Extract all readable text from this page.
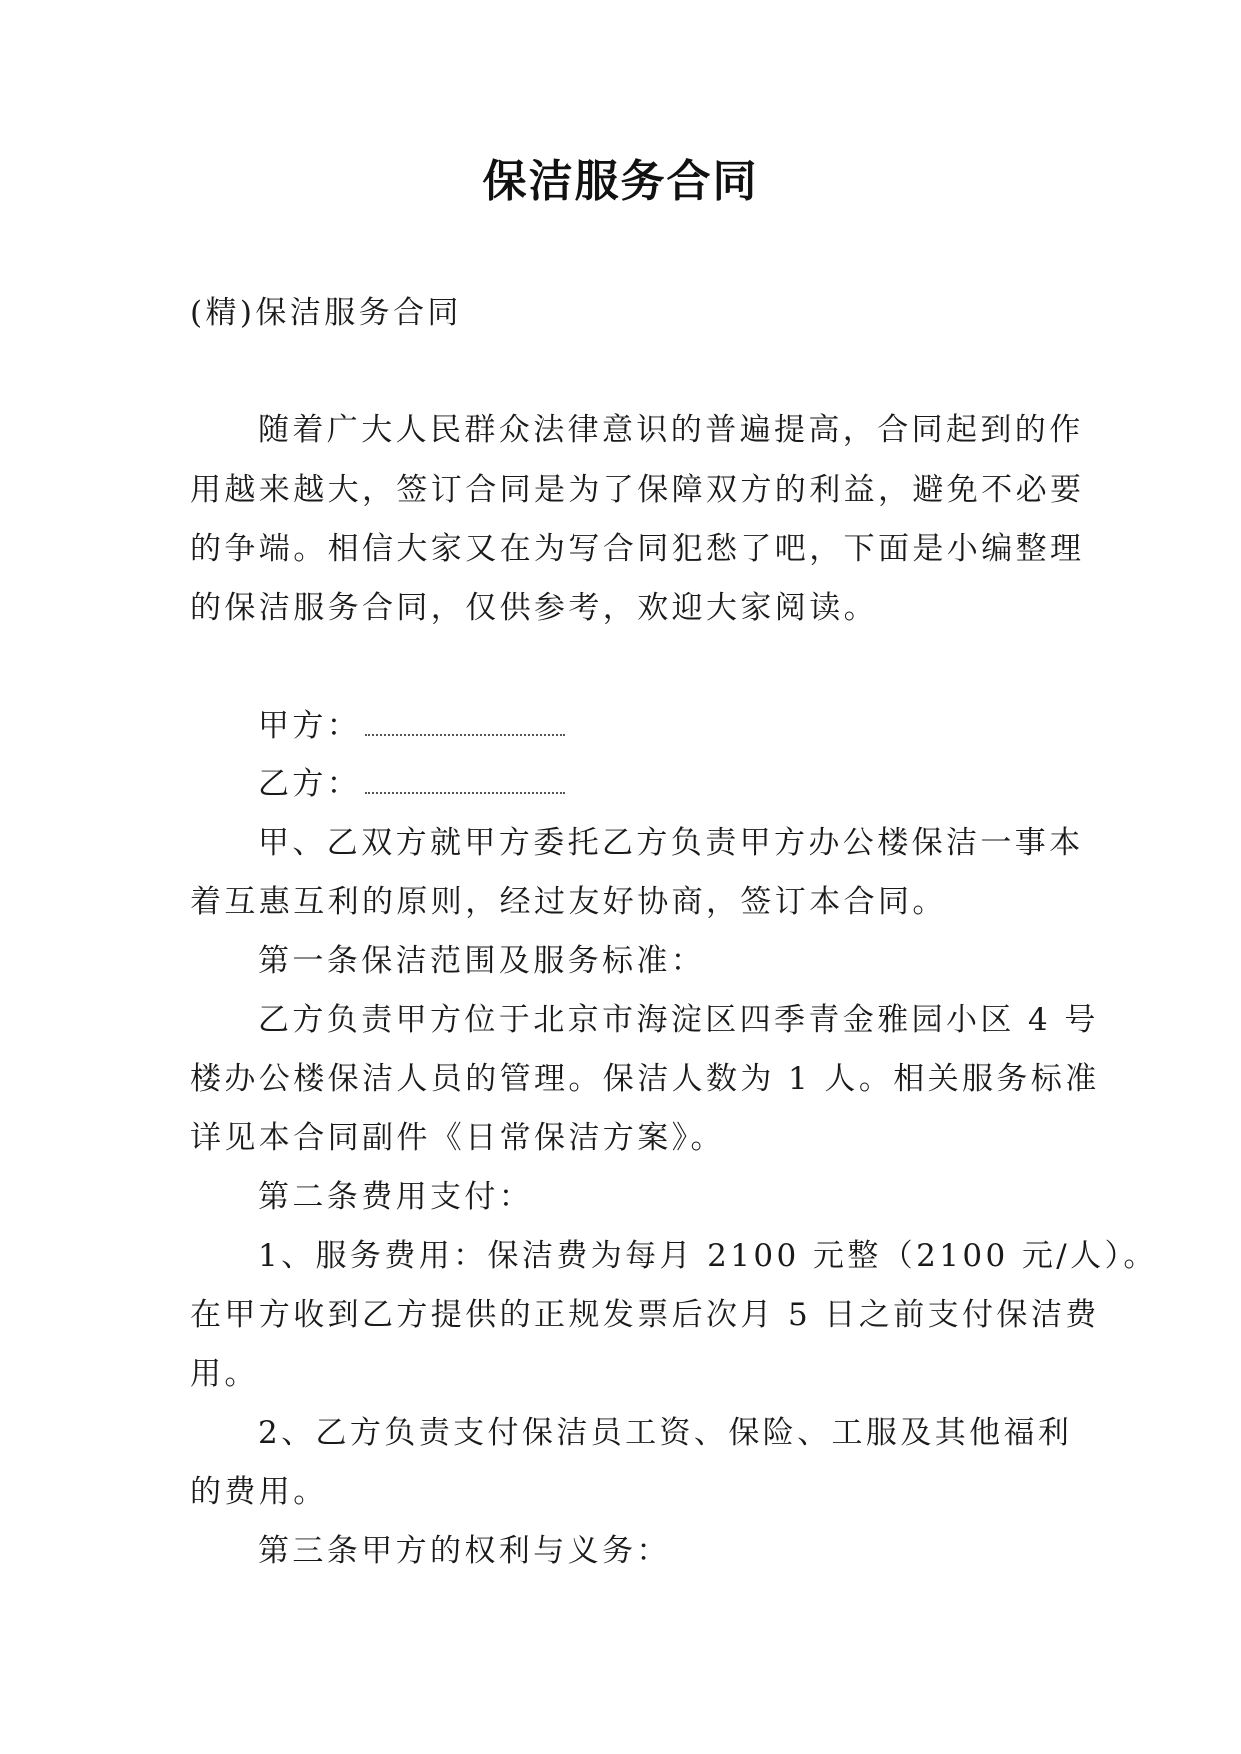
保洁服务合同
(精)保洁服务合同
随着广大人民群众法律意识的普遍提高，合同起到的作
用越来越大，签订合同是为了保障双方的利益，避免不必要
的争端。相信大家又在为写合同犯愁了吧，下面是小编整理
的保洁服务合同，仅供参考，欢迎大家阅读。
甲方：
乙方：
甲、乙双方就甲方委托乙方负责甲方办公楼保洁一事本
着互惠互利的原则，经过友好协商，签订本合同。
第一条保洁范围及服务标准：
乙方负责甲方位于北京市海淀区四季青金雅园小区 4 号
楼办公楼保洁人员的管理。保洁人数为 1 人。相关服务标准
详见本合同副件《日常保洁方案》。
第二条费用支付：
1、服务费用：保洁费为每月 2100 元整（2100 元/人）。
在甲方收到乙方提供的正规发票后次月 5 日之前支付保洁费
用。
2、乙方负责支付保洁员工资、保险、工服及其他福利
的费用。
第三条甲方的权利与义务：
